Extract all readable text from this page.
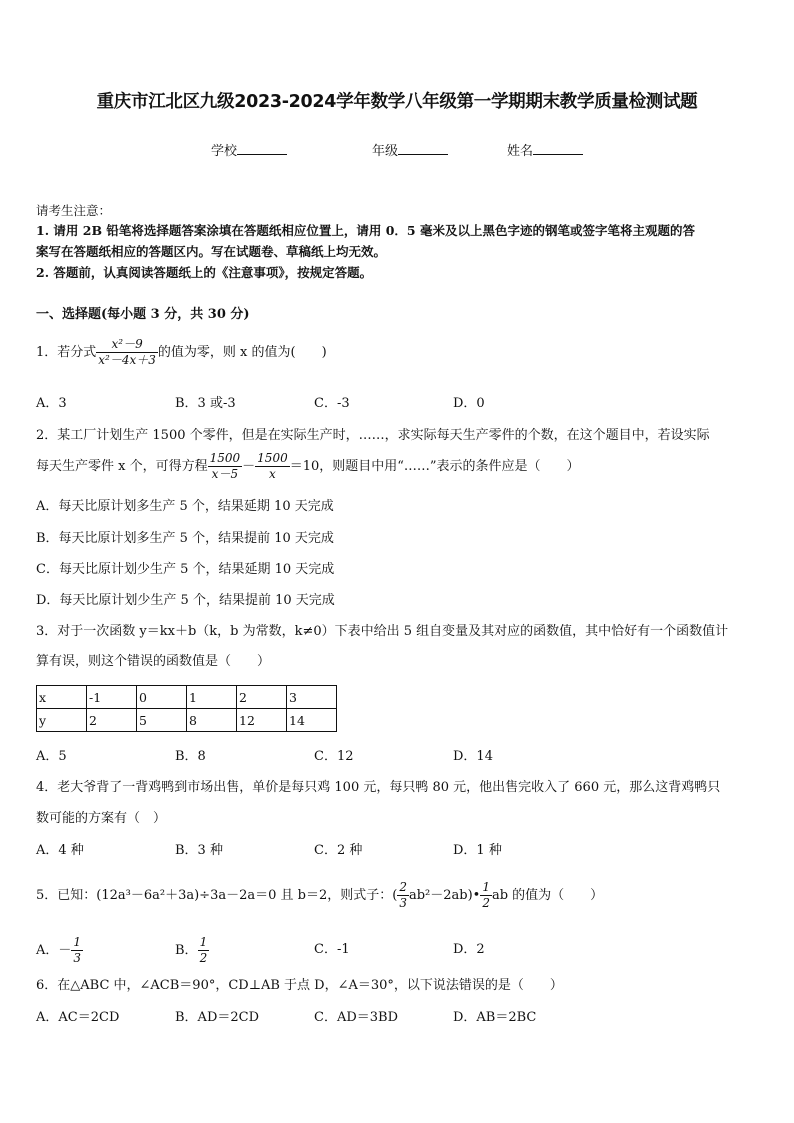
重庆市江北区九级2023-2024学年数学八年级第一学期期末教学质量检测试题
学校	年级	姓名
请考生注意：
1. 请用 2B 铅笔将选择题答案涂填在答题纸相应位置上，请用 0．5 毫米及以上黑色字迹的钢笔或签字笔将主观题的答
案写在答题纸相应的答题区内。写在试题卷、草稿纸上均无效。
2. 答题前，认真阅读答题纸上的《注意事项》，按规定答题。
一、选择题(每小题 3 分，共 30 分)
1．若分式 $\frac{\text{x²－9}}{\text{x²－4x＋3}}$ 的值为零，则 x 的值为(　　)
A．3	B．3 或-3	C．-3	D．0
2．某工厂计划生产 1500 个零件，但是在实际生产时，……，求实际每天生产零件的个数，在这个题目中，若设实际
每天生产零件 x 个，可得方程 $\frac{1500}{x-5} - \frac{1500}{x} =10$，则题目中用“……”表示的条件应是（　　）
A．每天比原计划多生产 5 个，结果延期 10 天完成
B．每天比原计划多生产 5 个，结果提前 10 天完成
C．每天比原计划少生产 5 个，结果延期 10 天完成
D．每天比原计划少生产 5 个，结果提前 10 天完成
3．对于一次函数 y＝kx＋b（k，b 为常数，k≠0）下表中给出 5 组自变量及其对应的函数值，其中恰好有一个函数值计
算有误，则这个错误的函数值是（　　）
x	-1	0	1	2	3
y	2	5	8	12	14
A．5	B．8	C．12	D．14
4．老大爷背了一背鸡鸭到市场出售，单价是每只鸡 100 元，每只鸭 80 元，他出售完收入了 660 元，那么这背鸡鸭只
数可能的方案有（　）
A．4 种	B．3 种	C．2 种	D．1 种
5．已知：(12a³－6a²＋3a)÷3a－2a＝0 且 b＝2，则式子：( $\frac{2}{3}$ ab²－2ab)• $\frac{1}{2}$ ab 的值为（　　）
A．－ $\frac{1}{3}$	B． $\frac{1}{2}$	C．-1	D．2
6．在△ABC 中，∠ACB＝90°，CD⊥AB 于点 D，∠A＝30°，以下说法错误的是（　　）
A．AC＝2CD	B．AD＝2CD	C．AD＝3BD	D．AB＝2BC
